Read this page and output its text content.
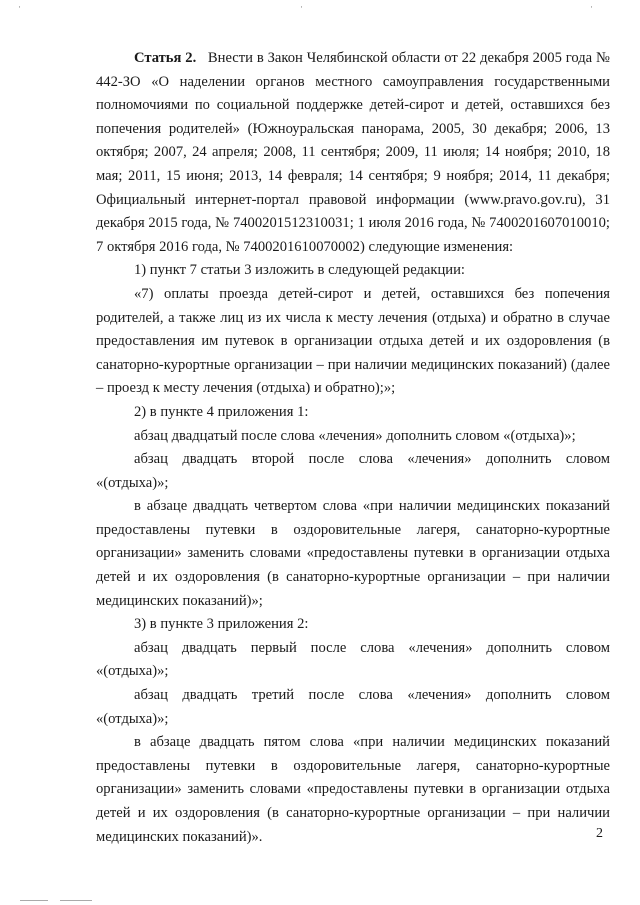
·	·	·

Статья 2. Внести в Закон Челябинской области от 22 декабря 2005 года № 442-ЗО «О наделении органов местного самоуправления государственными полномочиями по социальной поддержке детей-сирот и детей, оставшихся без попечения родителей» (Южноуральская панорама, 2005, 30 декабря; 2006, 13 октября; 2007, 24 апреля; 2008, 11 сентября; 2009, 11 июля; 14 ноября; 2010, 18 мая; 2011, 15 июня; 2013, 14 февраля; 14 сентября; 9 ноября; 2014, 11 декабря; Официальный интернет-портал правовой информации (www.pravo.gov.ru), 31 декабря 2015 года, № 7400201512310031; 1 июля 2016 года, № 7400201607010010; 7 октября 2016 года, № 7400201610070002) следующие изменения:

1) пункт 7 статьи 3 изложить в следующей редакции:

«7) оплаты проезда детей-сирот и детей, оставшихся без попечения родителей, а также лиц из их числа к месту лечения (отдыха) и обратно в случае предоставления им путевок в организации отдыха детей и их оздоровления (в санаторно-курортные организации – при наличии медицинских показаний) (далее – проезд к месту лечения (отдыха) и обратно);»;

2) в пункте 4 приложения 1:

абзац двадцатый после слова «лечения» дополнить словом «(отдыха)»;

абзац двадцать второй после слова «лечения» дополнить словом «(отдыха)»;

в абзаце двадцать четвертом слова «при наличии медицинских показаний предоставлены путевки в оздоровительные лагеря, санаторно-курортные организации» заменить словами «предоставлены путевки в организации отдыха детей и их оздоровления (в санаторно-курортные организации – при наличии медицинских показаний)»;

3) в пункте 3 приложения 2:

абзац двадцать первый после слова «лечения» дополнить словом «(отдыха)»;

абзац двадцать третий после слова «лечения» дополнить словом «(отдыха)»;

в абзаце двадцать пятом слова «при наличии медицинских показаний предоставлены путевки в оздоровительные лагеря, санаторно-курортные организации» заменить словами «предоставлены путевки в организации отдыха детей и их оздоровления (в санаторно-курортные организации – при наличии медицинских показаний)».	2
